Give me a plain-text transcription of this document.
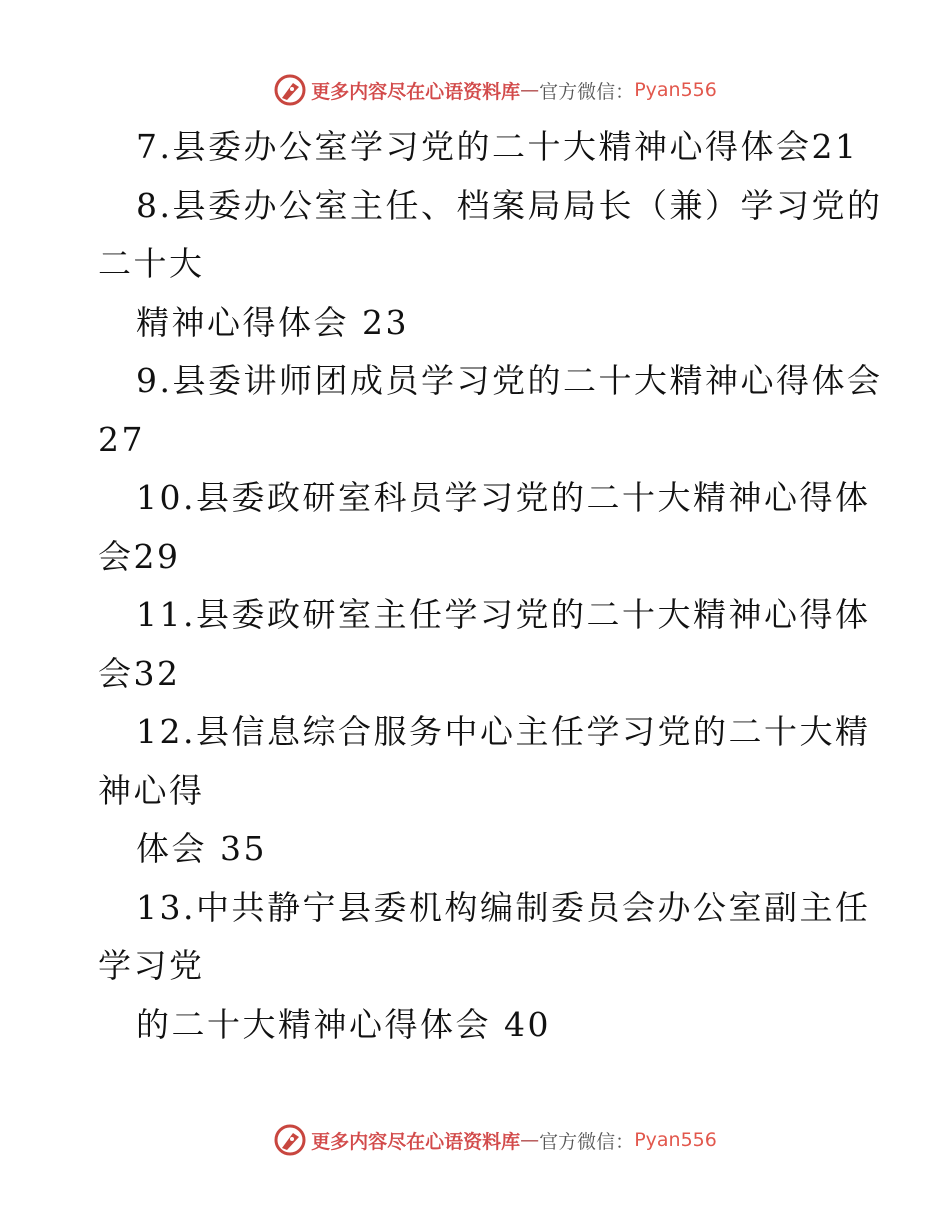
更多内容尽在心语资料库 — 官方微信： Pyan556
7.县委办公室学习党的二十大精神心得体会21
8.县委办公室主任、档案局局长（兼）学习党的
二十大
精神心得体会 23
9.县委讲师团成员学习党的二十大精神心得体会
27
10.县委政研室科员学习党的二十大精神心得体
会29
11.县委政研室主任学习党的二十大精神心得体
会32
12.县信息综合服务中心主任学习党的二十大精
神心得
体会 35
13.中共静宁县委机构编制委员会办公室副主任
学习党
的二十大精神心得体会 40
更多内容尽在心语资料库 — 官方微信： Pyan556
